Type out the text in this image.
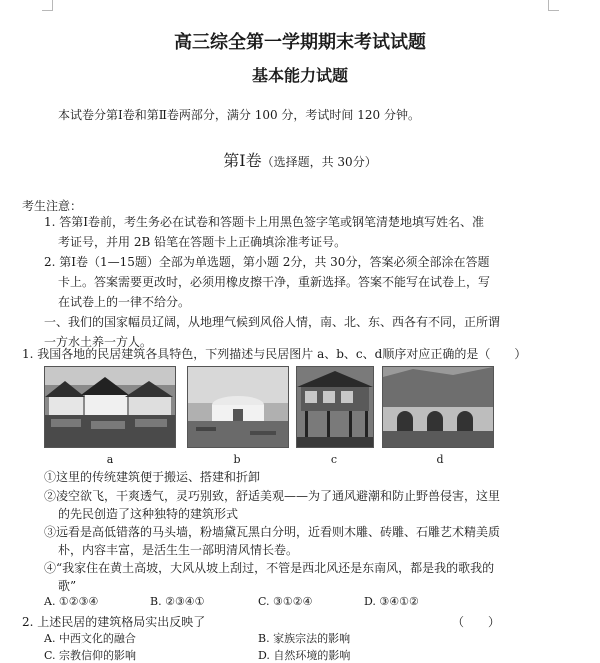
高三综全第一学期期末考试试题
基本能力试题
本试卷分第Ⅰ卷和第Ⅱ卷两部分，满分 100 分，考试时间 120 分钟。
第Ⅰ卷（选择题，共 30分）
考生注意：
1. 答第Ⅰ卷前，考生务必在试卷和答题卡上用黑色签字笔或钢笔清楚地填写姓名、准
考证号，并用 2B 铅笔在答题卡上正确填涂准考证号。
2. 第Ⅰ卷（1—15题）全部为单选题，第小题 2分，共 30分，答案必须全部涂在答题
卡上。答案需要更改时，必须用橡皮擦干净，重新选择。答案不能写在试卷上，写
在试卷上的一律不给分。
一、我们的国家幅员辽阔，从地理气候到风俗人情，南、北、东、西各有不同，正所谓
一方水土养一方人。
1. 我国各地的民居建筑各具特色，下列描述与民居图片 a、b、c、d顺序对应正确的是（　　）
a	b	c	d
①这里的传统建筑便于搬运、搭建和折卸
②凌空欲飞，干爽透气，灵巧别致，舒适美观——为了通风避潮和防止野兽侵害，这里
的先民创造了这种独特的建筑形式
③远看是高低错落的马头墙，粉墙黛瓦黑白分明，近看则木雕、砖雕、石雕艺术精美质
朴，内容丰富，是活生生一部明清风情长卷。
④“我家住在黄土高坡，大风从坡上刮过，不管是西北风还是东南风，都是我的歌我的
歌”
A. ①②③④	B. ②③④①	C. ③①②④	D. ③④①②
2. 上述民居的建筑格局实出反映了	（　　）
A. 中西文化的融合	B. 家族宗法的影响
C. 宗教信仰的影响	D. 自然环境的影响
